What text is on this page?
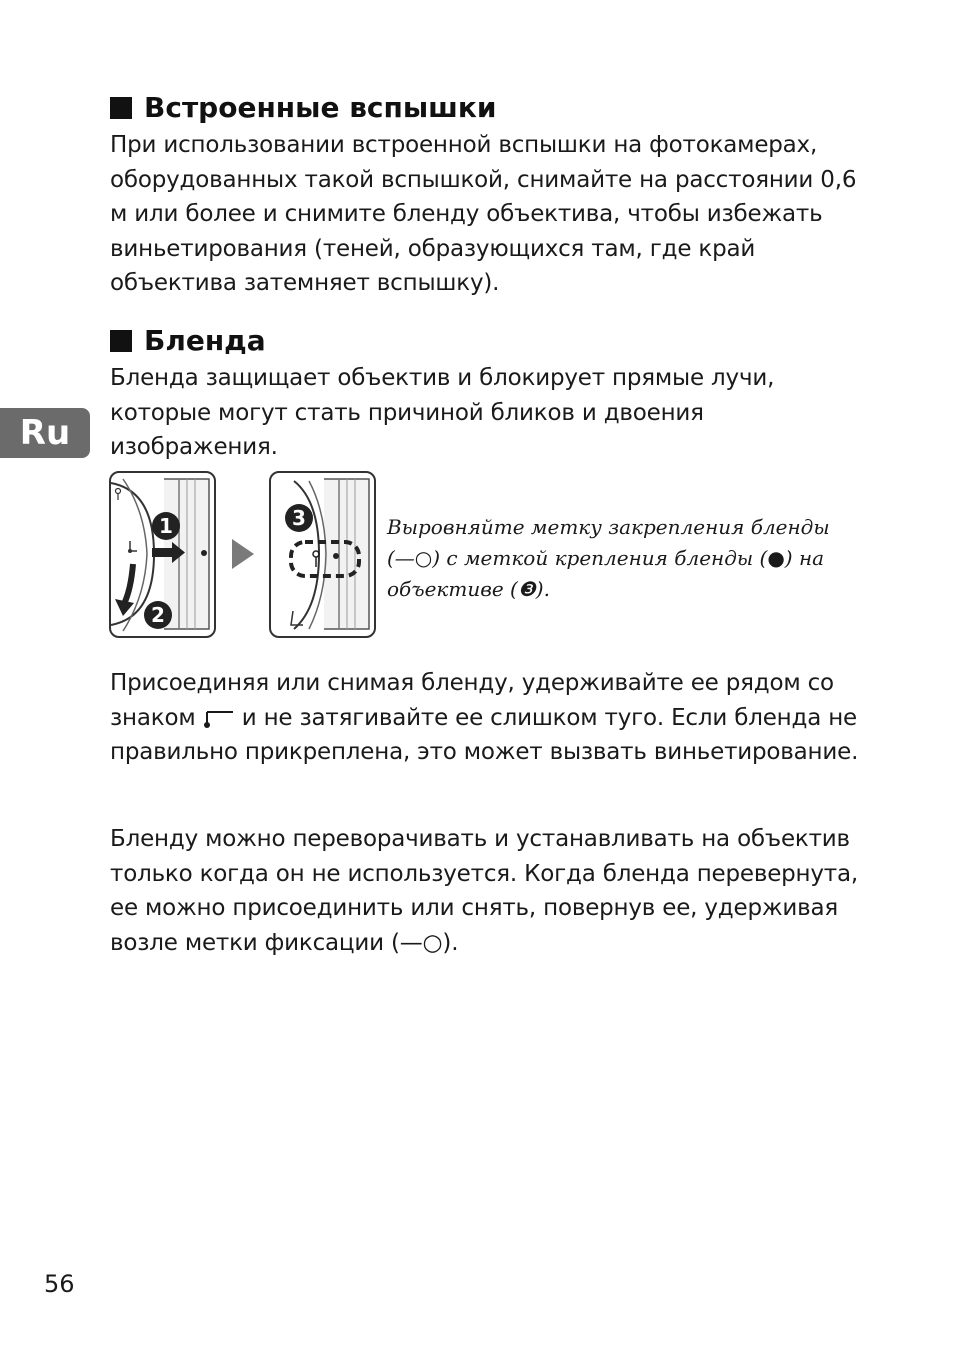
Встроенные вспышки

При использовании встроенной вспышки на фотокамерах, оборудованных такой вспышкой, снимайте на расстоянии 0,6 м или более и снимите бленду объектива, чтобы избежать виньетирования (теней, образующихся там, где край объектива затемняет вспышку).

Бленда

Бленда защищает объектив и блокирует прямые лучи, которые могут стать причиной бликов и двоения изображения.

Ru
1
2
3	Выровняйте метку закрепления бленды (—○) с меткой крепления бленды (●) на объективе (❸).

Присоединяя или снимая бленду, удерживайте ее рядом со знаком  и не затягивайте ее слишком туго. Если бленда не правильно прикреплена, это может вызвать виньетирование.

Бленду можно переворачивать и устанавливать на объектив только когда он не используется. Когда бленда перевернута, ее можно присоединить или снять, повернув ее, удерживая возле метки фиксации (—○).

56
